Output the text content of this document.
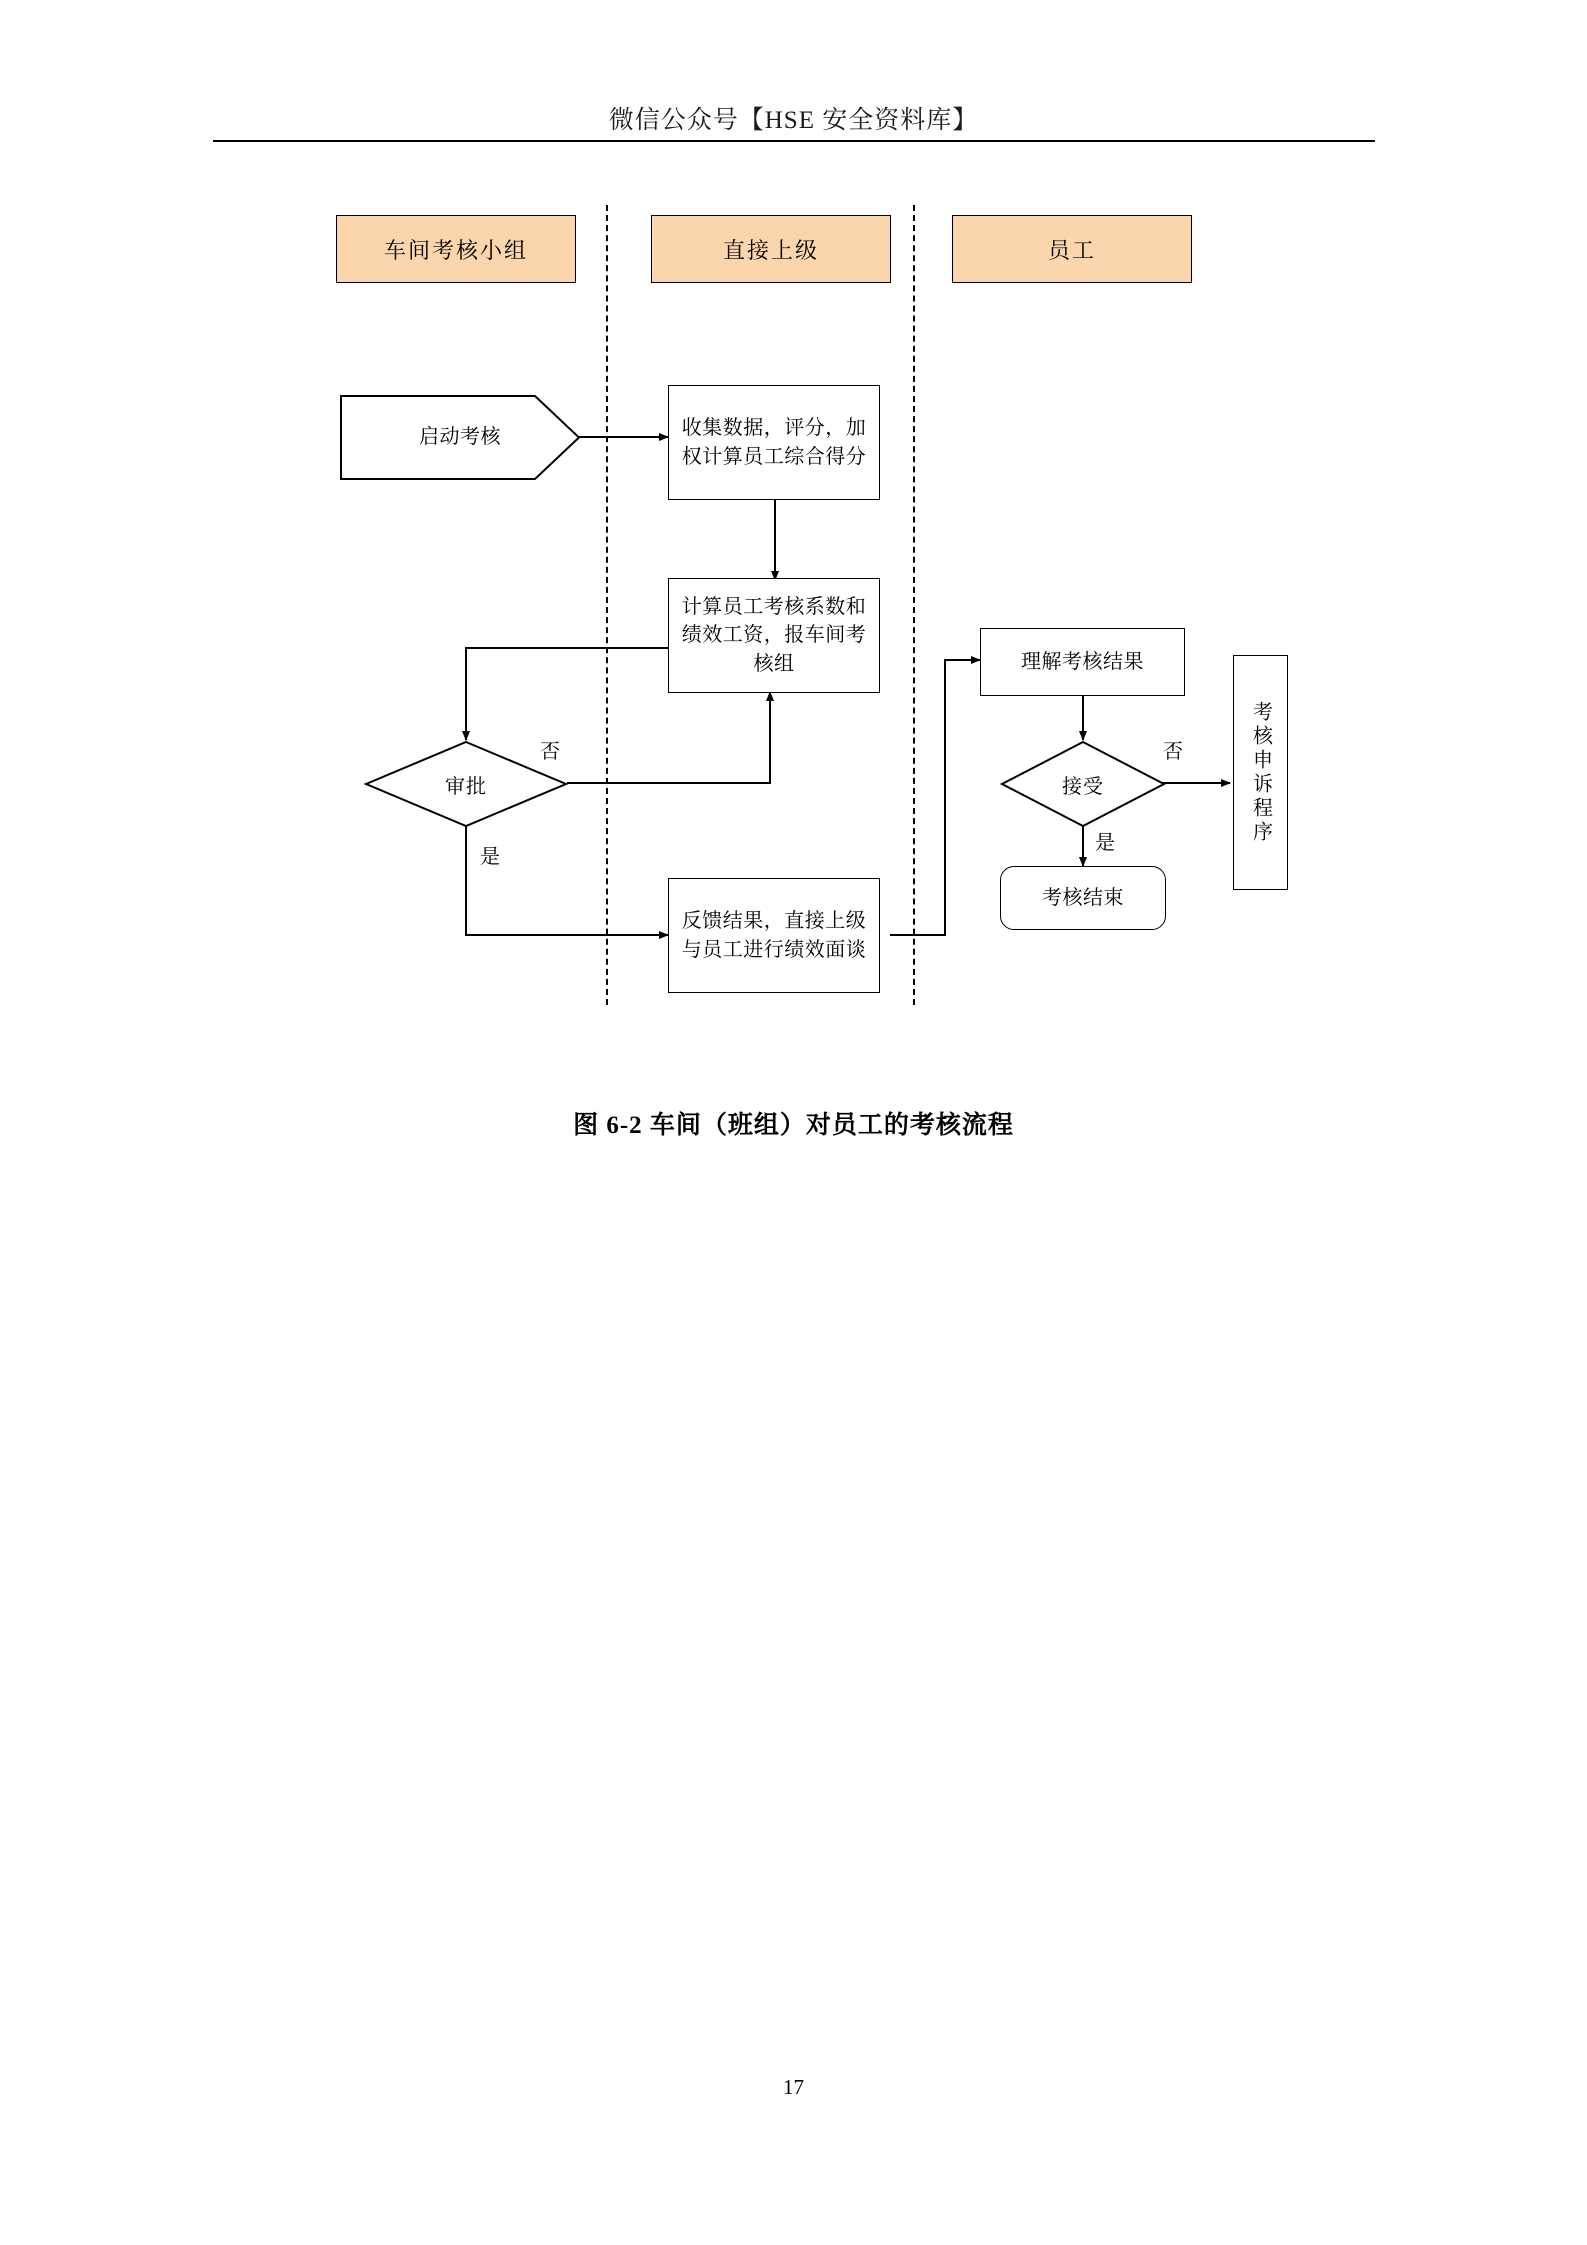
微信公众号【HSE 安全资料库】
车间考核小组	直接上级	员工
启动考核	收集数据，评分，加权计算员工综合得分
计算员工考核系数和绩效工资，报车间考核组
审批
否
是
反馈结果，直接上级与员工进行绩效面谈
理解考核结果
接受
否
是
考核结束
考核申诉程序
图 6-2 车间（班组）对员工的考核流程
17
